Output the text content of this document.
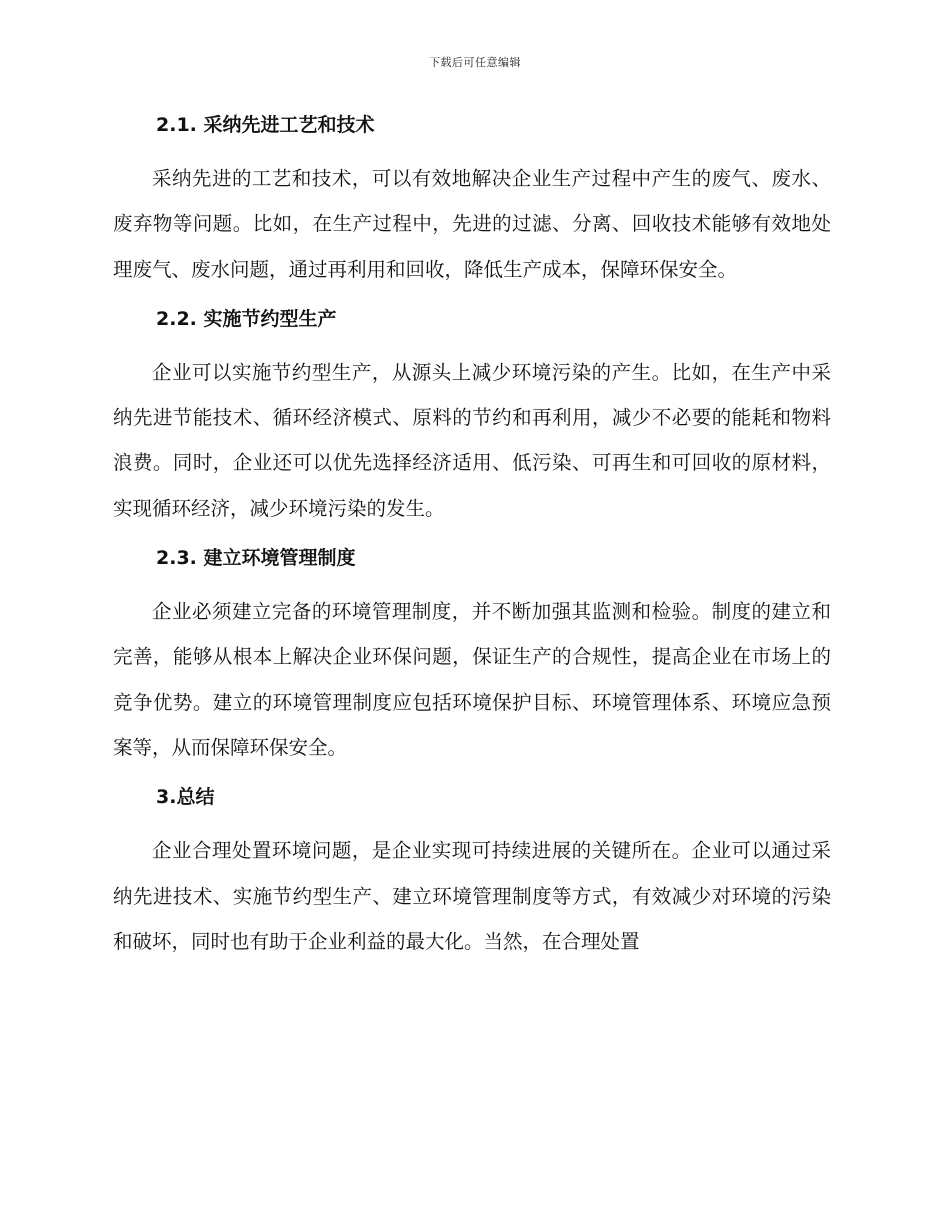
下载后可任意编辑
2.1. 采纳先进工艺和技术

采纳先进的工艺和技术，可以有效地解决企业生产过程中产生的废气、废水、废弃物等问题。比如，在生产过程中，先进的过滤、分离、回收技术能够有效地处理废气、废水问题，通过再利用和回收，降低生产成本，保障环保安全。

2.2. 实施节约型生产

企业可以实施节约型生产，从源头上减少环境污染的产生。比如，在生产中采纳先进节能技术、循环经济模式、原料的节约和再利用，减少不必要的能耗和物料浪费。同时，企业还可以优先选择经济适用、低污染、可再生和可回收的原材料，实现循环经济，减少环境污染的发生。

2.3. 建立环境管理制度

企业必须建立完备的环境管理制度，并不断加强其监测和检验。制度的建立和完善，能够从根本上解决企业环保问题，保证生产的合规性，提高企业在市场上的竞争优势。建立的环境管理制度应包括环境保护目标、环境管理体系、环境应急预案等，从而保障环保安全。

3.总结

企业合理处置环境问题，是企业实现可持续进展的关键所在。企业可以通过采纳先进技术、实施节约型生产、建立环境管理制度等方式，有效减少对环境的污染和破坏，同时也有助于企业利益的最大化。当然，在合理处置
